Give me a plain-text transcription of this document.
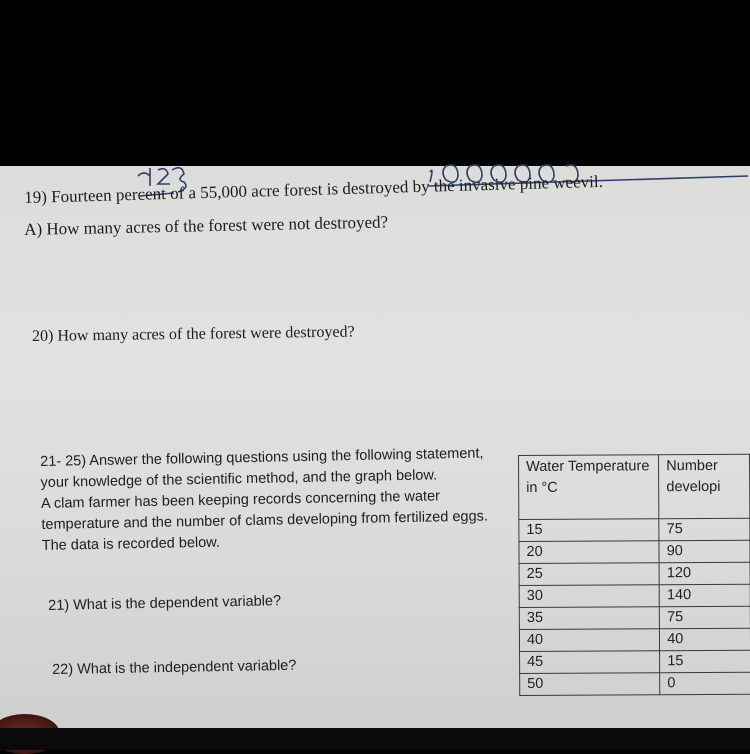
19) Fourteen percent of a 55,000 acre forest is destroyed by the invasive pine weevil.
A) How many acres of the forest were not destroyed?
20) How many acres of the forest were destroyed?

21- 25) Answer the following questions using the following statement, your knowledge of the scientific method, and the graph below.

A clam farmer has been keeping records concerning the water temperature and the number of clams developing from fertilized eggs. The data is recorded below.

21) What is the dependent variable?
22) What is the independent variable?
Water Temperature in °C	Number developi
15	75
20	90
25	120
30	140
35	75
40	40
45	15
50	0
